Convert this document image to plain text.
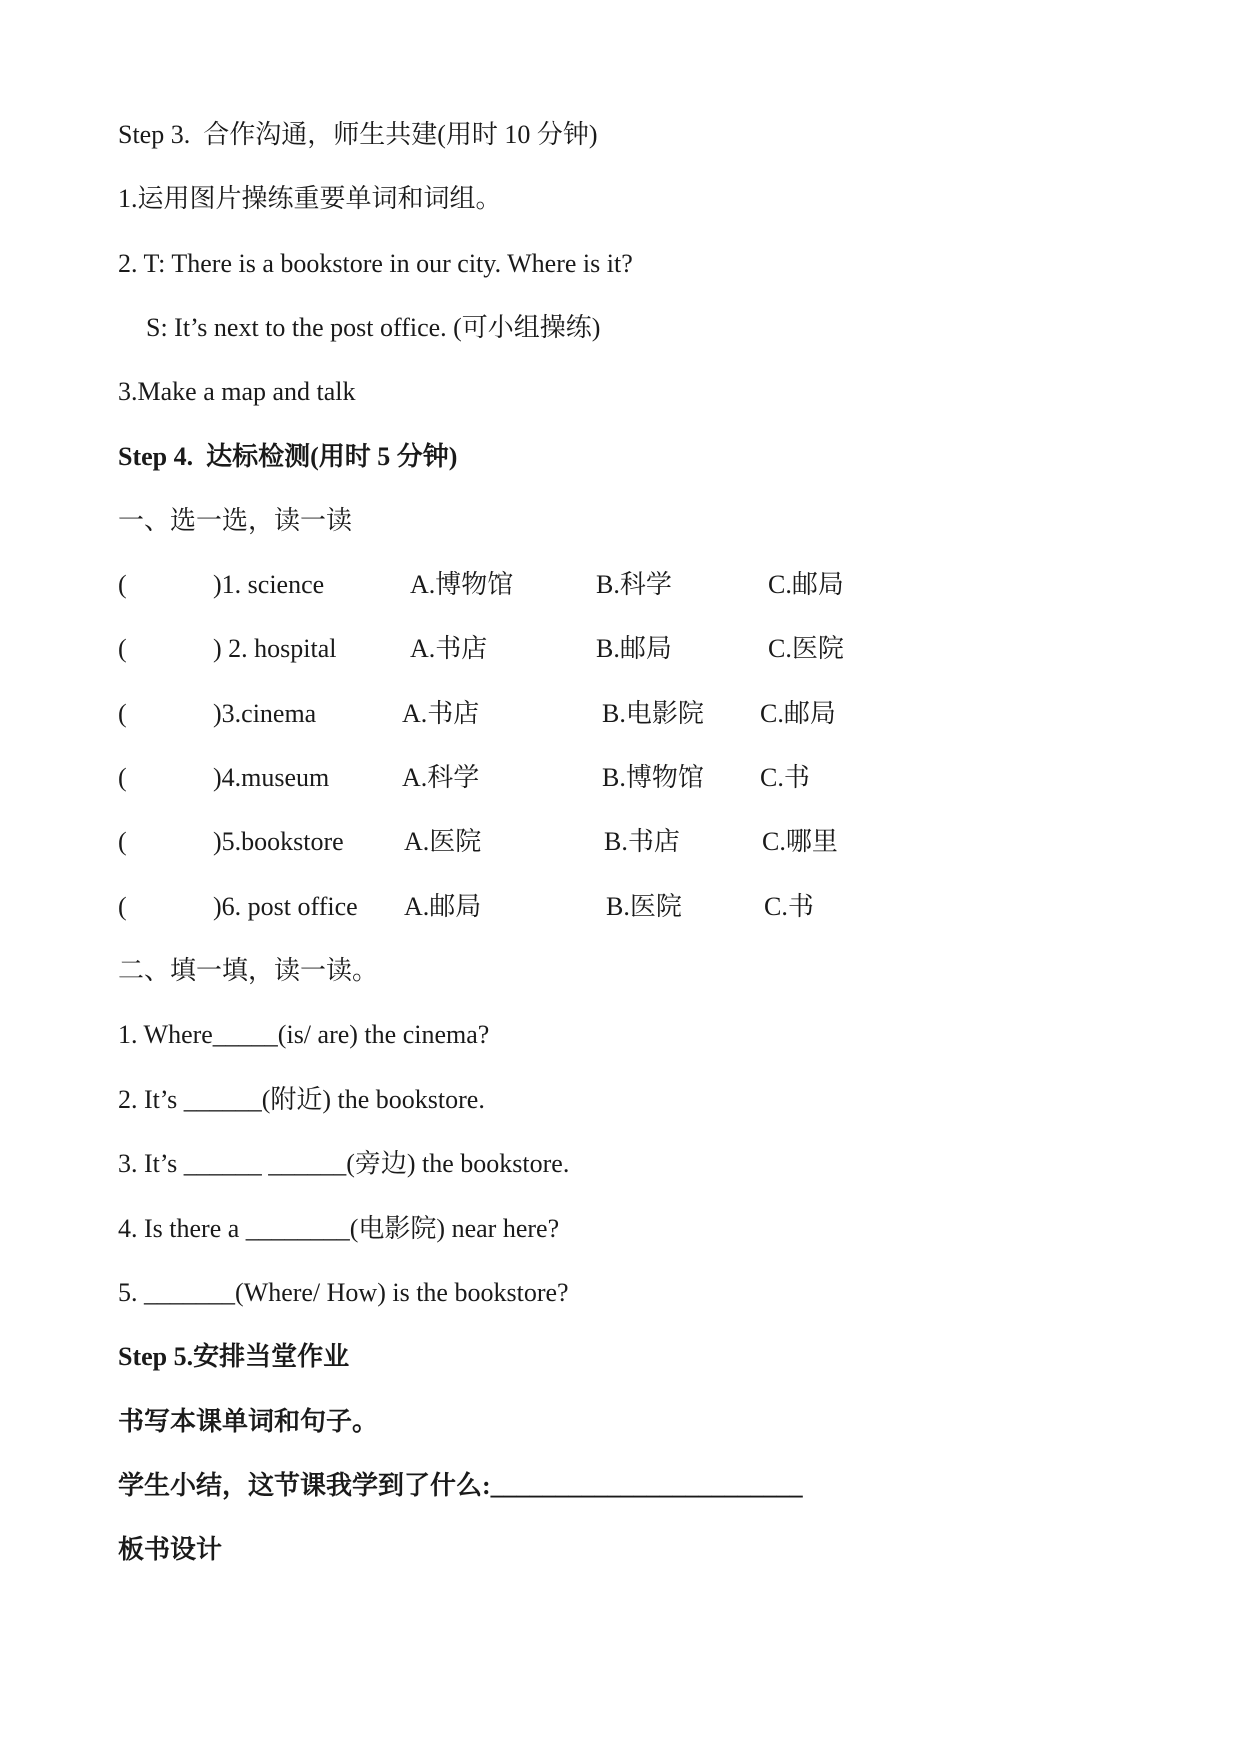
Step 3.  合作沟通，师生共建(用时 10 分钟)
1.运用图片操练重要单词和词组。
2. T: There is a bookstore in our city. Where is it?
S: It’s next to the post office. (可小组操练)
3.Make a map and talk
Step 4.  达标检测(用时 5 分钟)
一、选一选，读一读
(	)1. science	A.博物馆	B.科学	C.邮局
(	) 2. hospital	A.书店	B.邮局	C.医院
(	)3.cinema	A.书店	B.电影院 C.邮局
(	)4.museum	A.科学	B.博物馆 C.书
(	)5.bookstore A.医院	B.书店	C.哪里
(	)6. post office A.邮局	B.医院	C.书
二、填一填，读一读。
1. Where_____(is/ are) the cinema?
2. It’s ______(附近) the bookstore.
3. It’s ______ ______(旁边) the bookstore.
4. Is there a ________(电影院) near here?
5. _______(Where/ How) is the bookstore?
Step 5.安排当堂作业
书写本课单词和句子。
学生小结，这节课我学到了什么:________________________
板书设计
